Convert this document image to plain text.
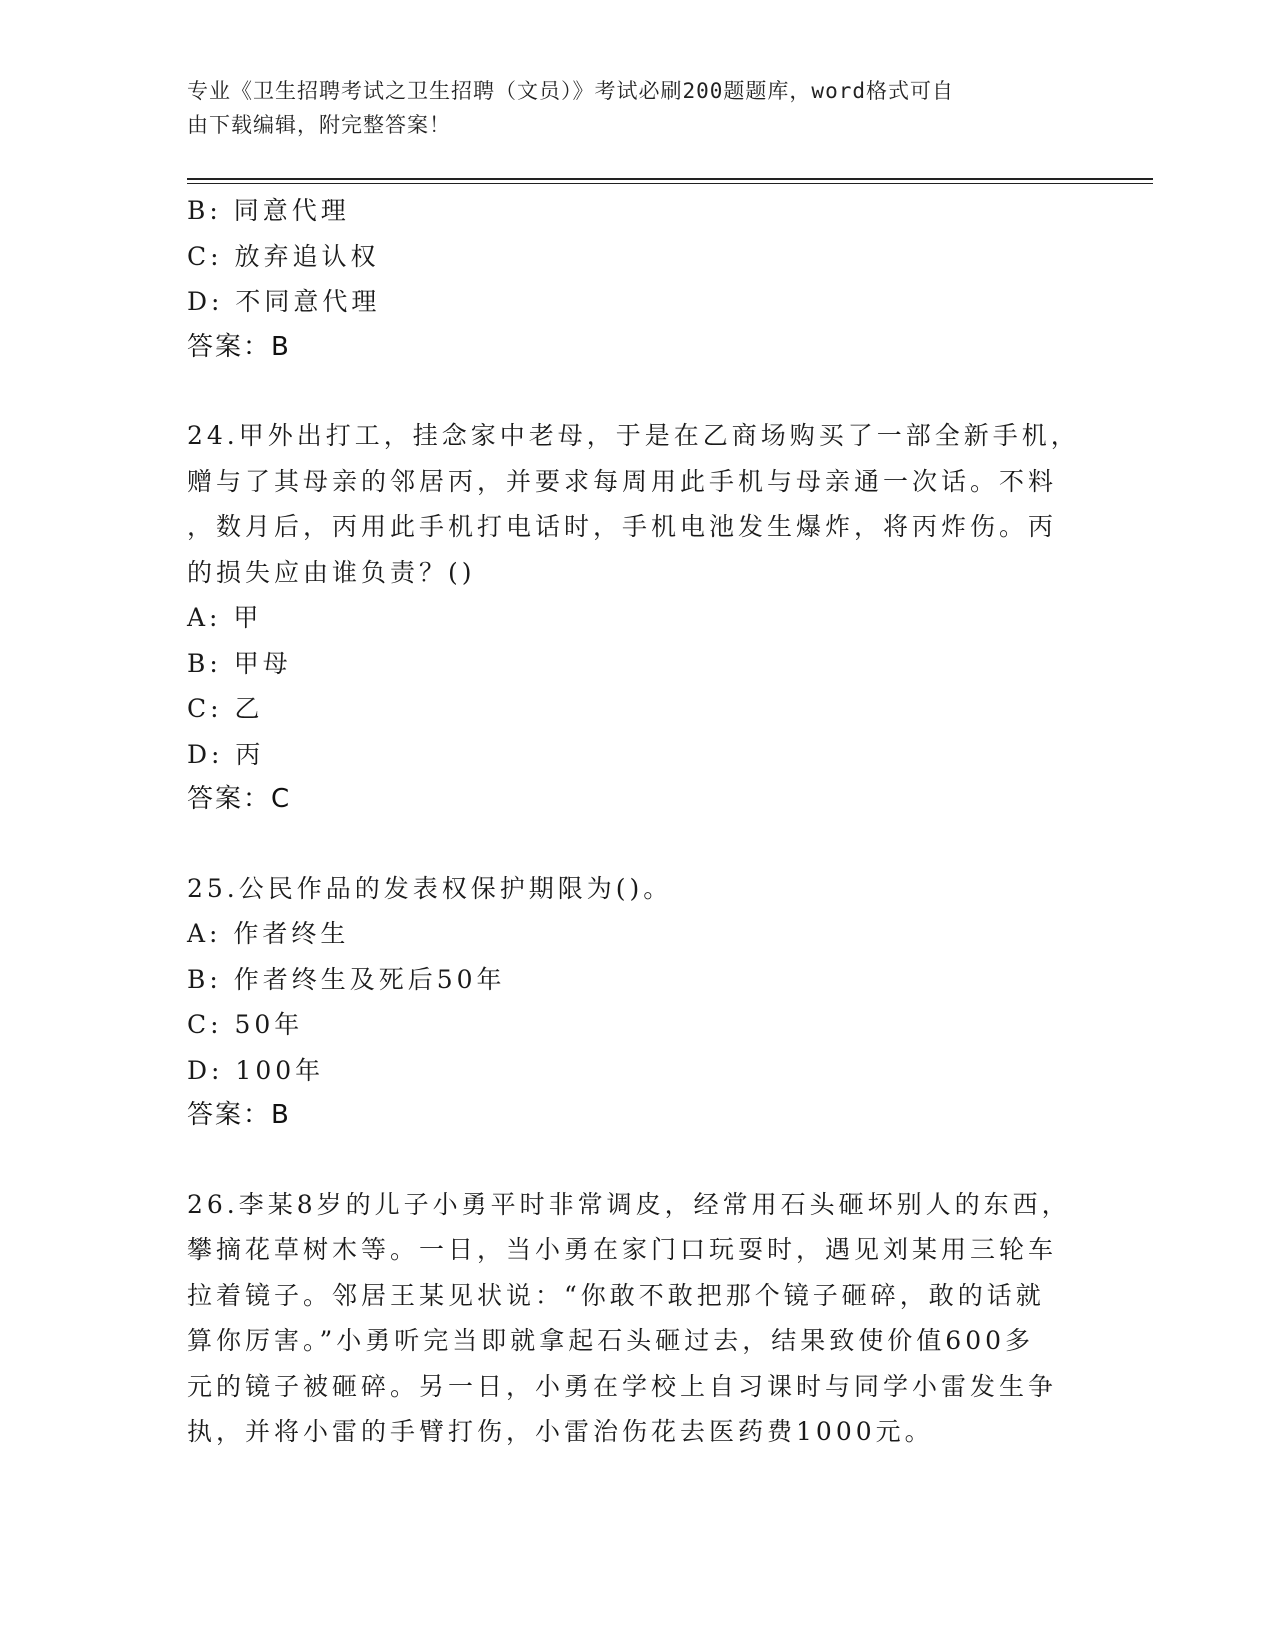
专业《卫生招聘考试之卫生招聘（文员）》考试必刷200题题库，word格式可自
由下载编辑，附完整答案！
B: 同意代理
C: 放弃追认权
D: 不同意代理
答案：B
24.甲外出打工，挂念家中老母，于是在乙商场购买了一部全新手机，
赠与了其母亲的邻居丙，并要求每周用此手机与母亲通一次话。不料
，数月后，丙用此手机打电话时，手机电池发生爆炸，将丙炸伤。丙
的损失应由谁负责？()
A: 甲
B: 甲母
C: 乙
D: 丙
答案：C
25.公民作品的发表权保护期限为()。
A: 作者终生
B: 作者终生及死后50年
C: 50年
D: 100年
答案：B
26.李某8岁的儿子小勇平时非常调皮，经常用石头砸坏别人的东西，
攀摘花草树木等。一日，当小勇在家门口玩耍时，遇见刘某用三轮车
拉着镜子。邻居王某见状说：“你敢不敢把那个镜子砸碎，敢的话就
算你厉害。”小勇听完当即就拿起石头砸过去，结果致使价值600多
元的镜子被砸碎。另一日，小勇在学校上自习课时与同学小雷发生争
执，并将小雷的手臂打伤，小雷治伤花去医药费1000元。
